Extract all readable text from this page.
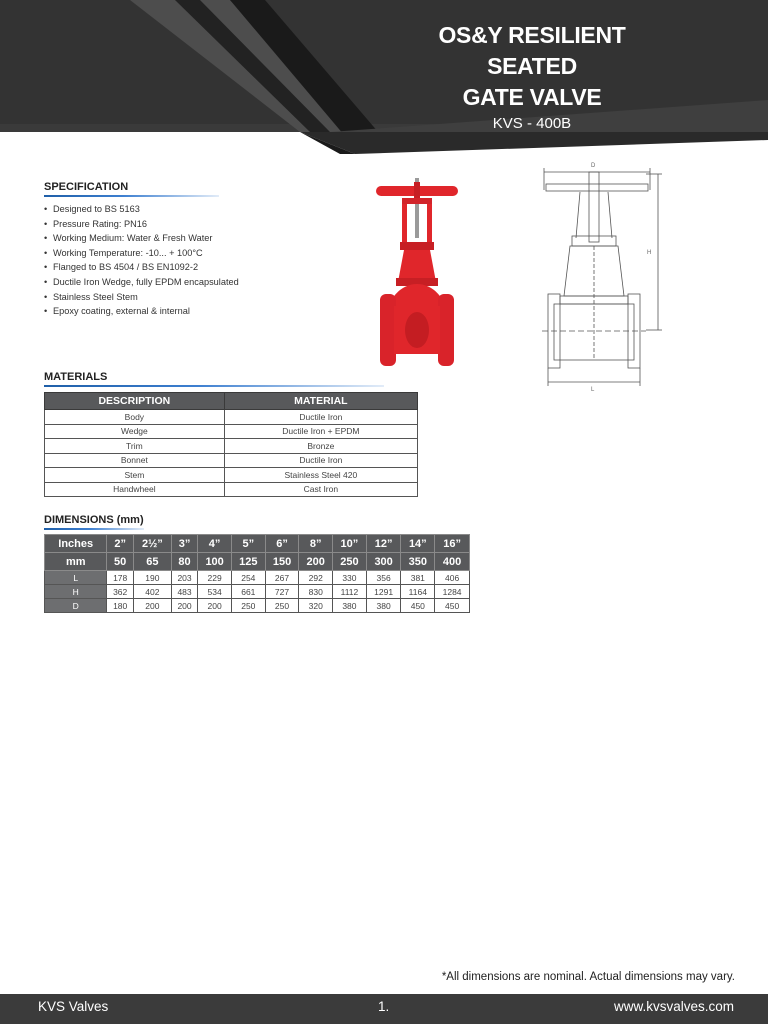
OS&Y RESILIENT SEATED
GATE VALVE
KVS - 400B
SPECIFICATION
• Designed to BS 5163
• Pressure Rating: PN16
• Working Medium: Water & Fresh Water
• Working Temperature: -10... + 100°C
• Flanged to BS 4504 / BS EN1092-2
• Ductile Iron Wedge, fully EPDM encapsulated
• Stainless Steel Stem
• Epoxy coating, external & internal
D
H
L
MATERIALS
DESCRIPTION	MATERIAL
Body	Ductile Iron
Wedge	Ductile Iron + EPDM
Trim	Bronze
Bonnet	Ductile Iron
Stem	Stainless Steel 420
Handwheel	Cast Iron
DIMENSIONS (mm)
Inches	2”	2½”	3”	4”	5”	6”	8”	10”	12”	14”	16”
mm	50	65	80	100	125	150	200	250	300	350	400
L	178	190	203	229	254	267	292	330	356	381	406
H	362	402	483	534	661	727	830	1112	1291	1164	1284
D	180	200	200	200	250	250	320	380	380	450	450
*All dimensions are nominal. Actual dimensions may vary.
KVS Valves	1.	www.kvsvalves.com
